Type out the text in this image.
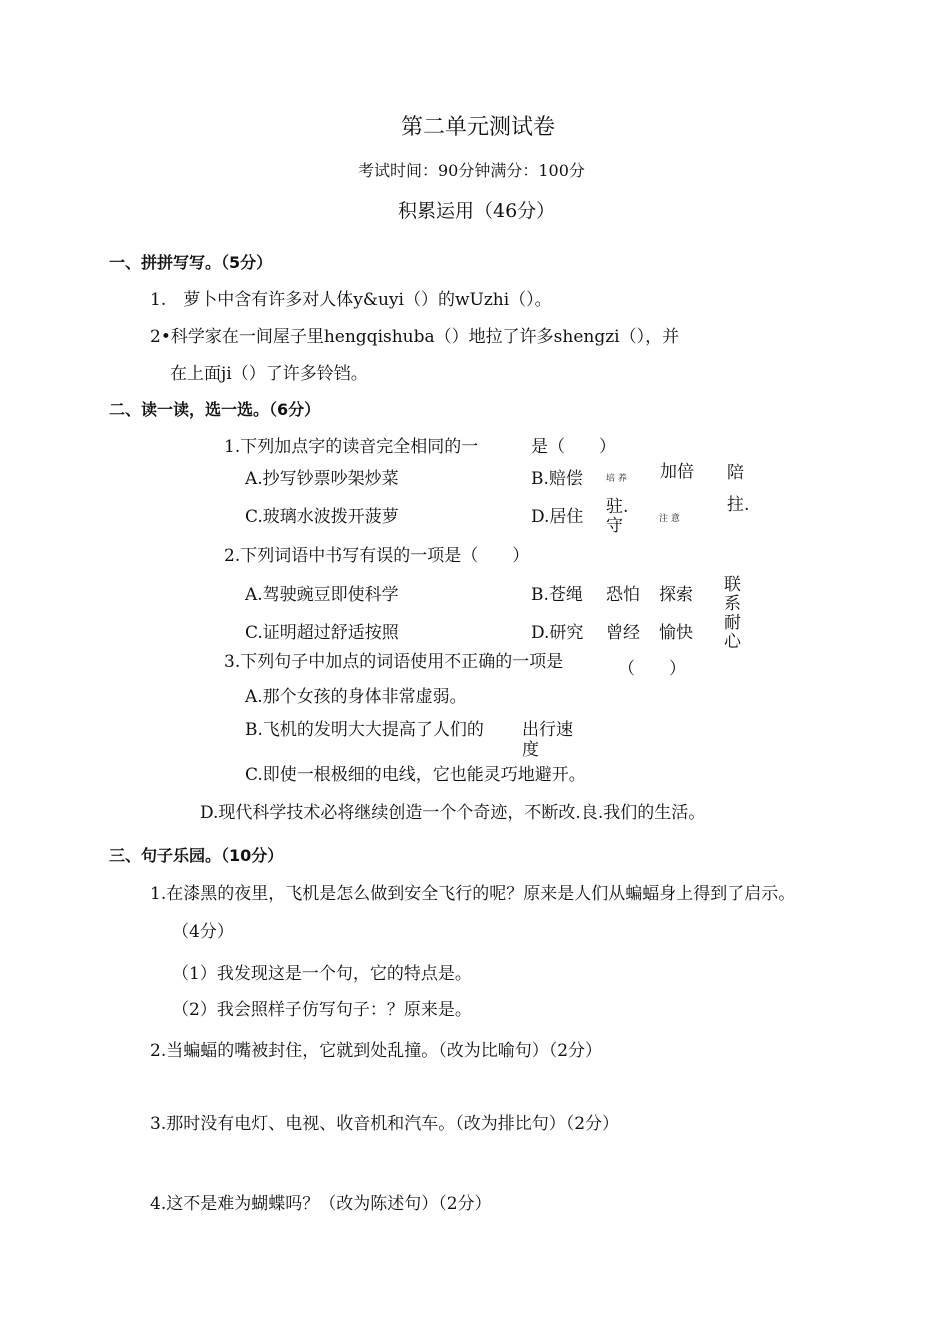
第二单元测试卷
考试时间：90分钟满分：100分
积累运用（46分）
一、拼拼写写。（5分）
1.　萝卜中含有许多对人体y&uyi（）的wUzhi（）。
2•科学家在一间屋子里hengqishuba（）地拉了许多shengzi（），并
在上面ji（）了许多铃铛。
二、读一读，选一选。（6分）
1.下列加点字的读音完全相同的一	是（　　）
A.抄写钞票吵架炒菜	B.赔偿	培 养 加倍 陪
C.玻璃水波拨开菠萝	D.居住 驻.守	注 意
拄.
2.下列词语中书写有误的一项是（　　）
A.驾驶豌豆即使科学	B.苍绳 恐怕 探索 联系
C.证明超过舒适按照	D.研究 曾经 愉快 耐心
3.下列句子中加点的词语使用不正确的一项是	（　　）
A.那个女孩的身体非常虚弱。
B.飞机的发明大大提高了人们的	出行速度
C.即使一根极细的电线，它也能灵巧地避开。
D.现代科学技术必将继续创造一个个奇迹，不断改.良.我们的生活。
三、句子乐园。（10分）
1.在漆黑的夜里，飞机是怎么做到安全飞行的呢？原来是人们从蝙蝠身上得到了启示。
（4分）
（1）我发现这是一个句，它的特点是。
（2）我会照样子仿写句子：？原来是。
2.当蝙蝠的嘴被封住，它就到处乱撞。（改为比喻句）（2分）
3.那时没有电灯、电视、收音机和汽车。（改为排比句）（2分）
4.这不是难为蝴蝶吗？（改为陈述句）（2分）
